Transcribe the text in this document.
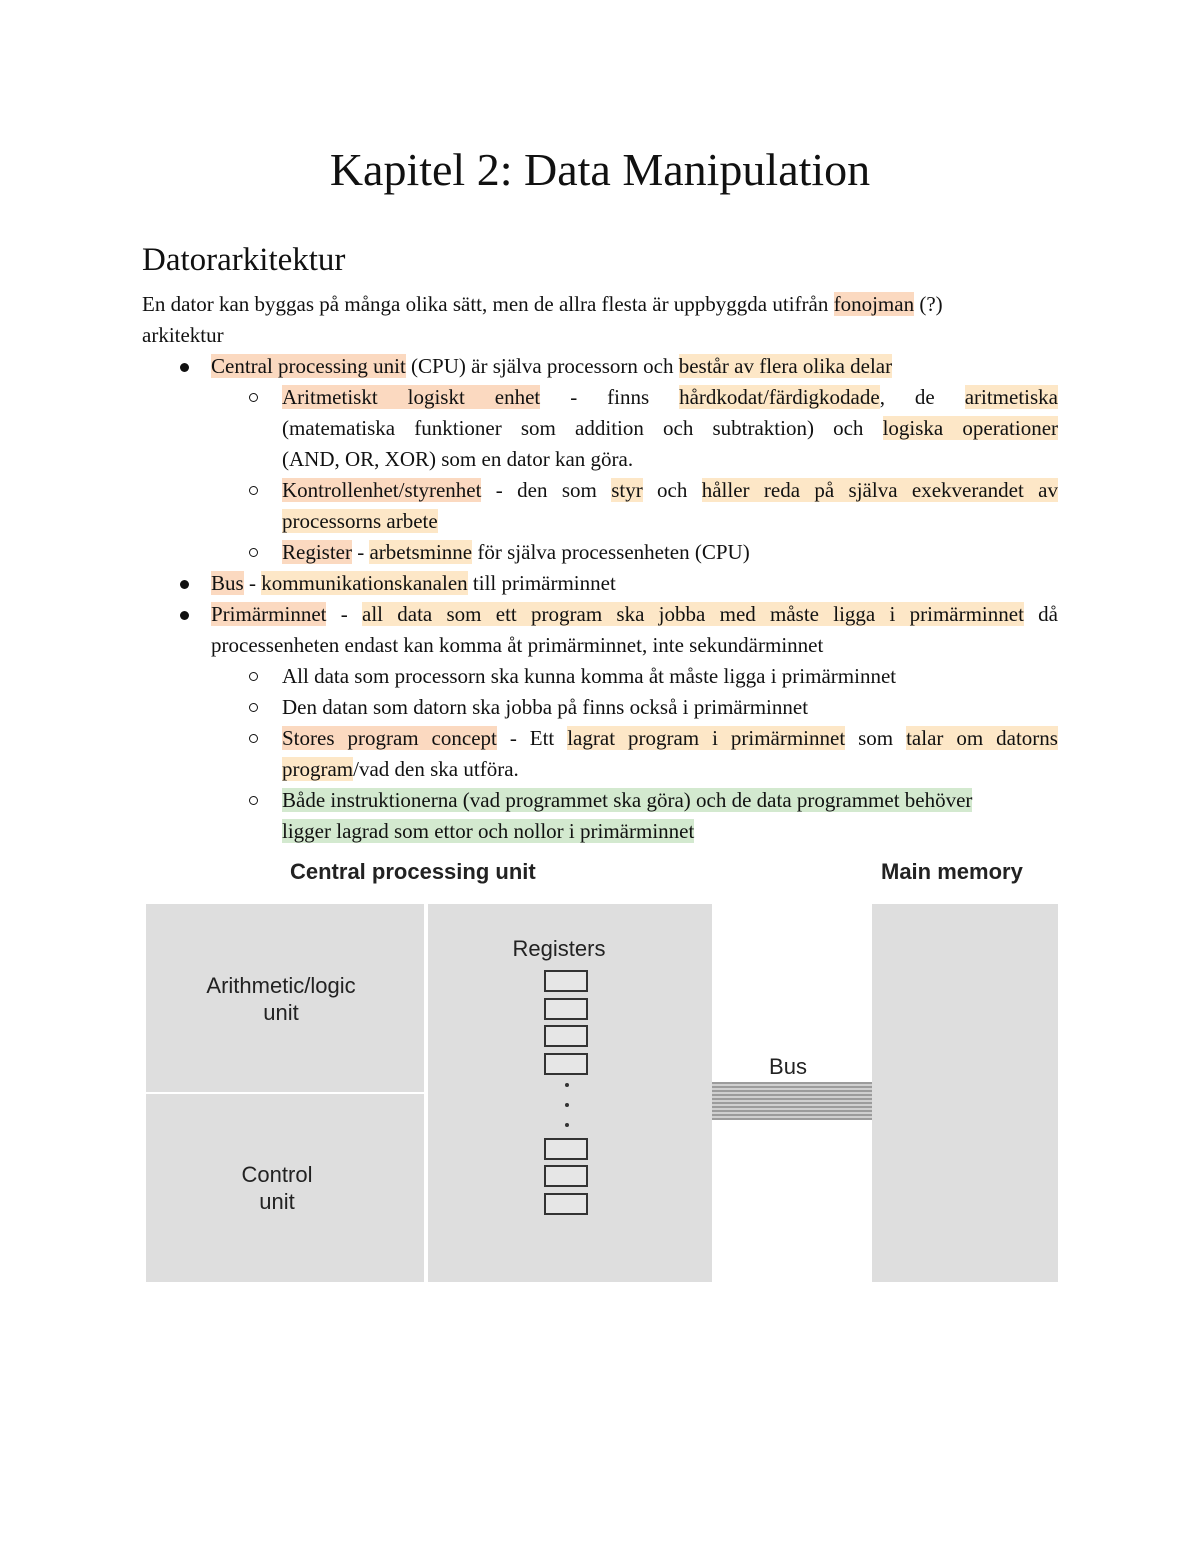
Kapitel 2: Data Manipulation
Datorarkitektur
En dator kan byggas på många olika sätt, men de allra flesta är uppbyggda utifrån fonojman (?)
arkitektur
Central processing unit (CPU) är själva processorn och består av flera olika delar
Aritmetiskt logiskt enhet - finns hårdkodat/färdigkodade, de aritmetiska
(matematiska funktioner som addition och subtraktion) och logiska operationer
(AND, OR, XOR) som en dator kan göra.
Kontrollenhet/styrenhet - den som styr och håller reda på själva exekverandet av
processorns arbete
Register - arbetsminne för själva processenheten (CPU)
Bus - kommunikationskanalen till primärminnet
Primärminnet - all data som ett program ska jobba med måste ligga i primärminnet då
processenheten endast kan komma åt primärminnet, inte sekundärminnet
All data som processorn ska kunna komma åt måste ligga i primärminnet
Den datan som datorn ska jobba på finns också i primärminnet
Stores program concept - Ett lagrat program i primärminnet som talar om datorns
program/vad den ska utföra.
Både instruktionerna (vad programmet ska göra) och de data programmet behöver
ligger lagrad som ettor och nollor i primärminnet
Central processing unit	Main memory
Arithmetic/logic
unit
Control
unit
Registers
Bus
